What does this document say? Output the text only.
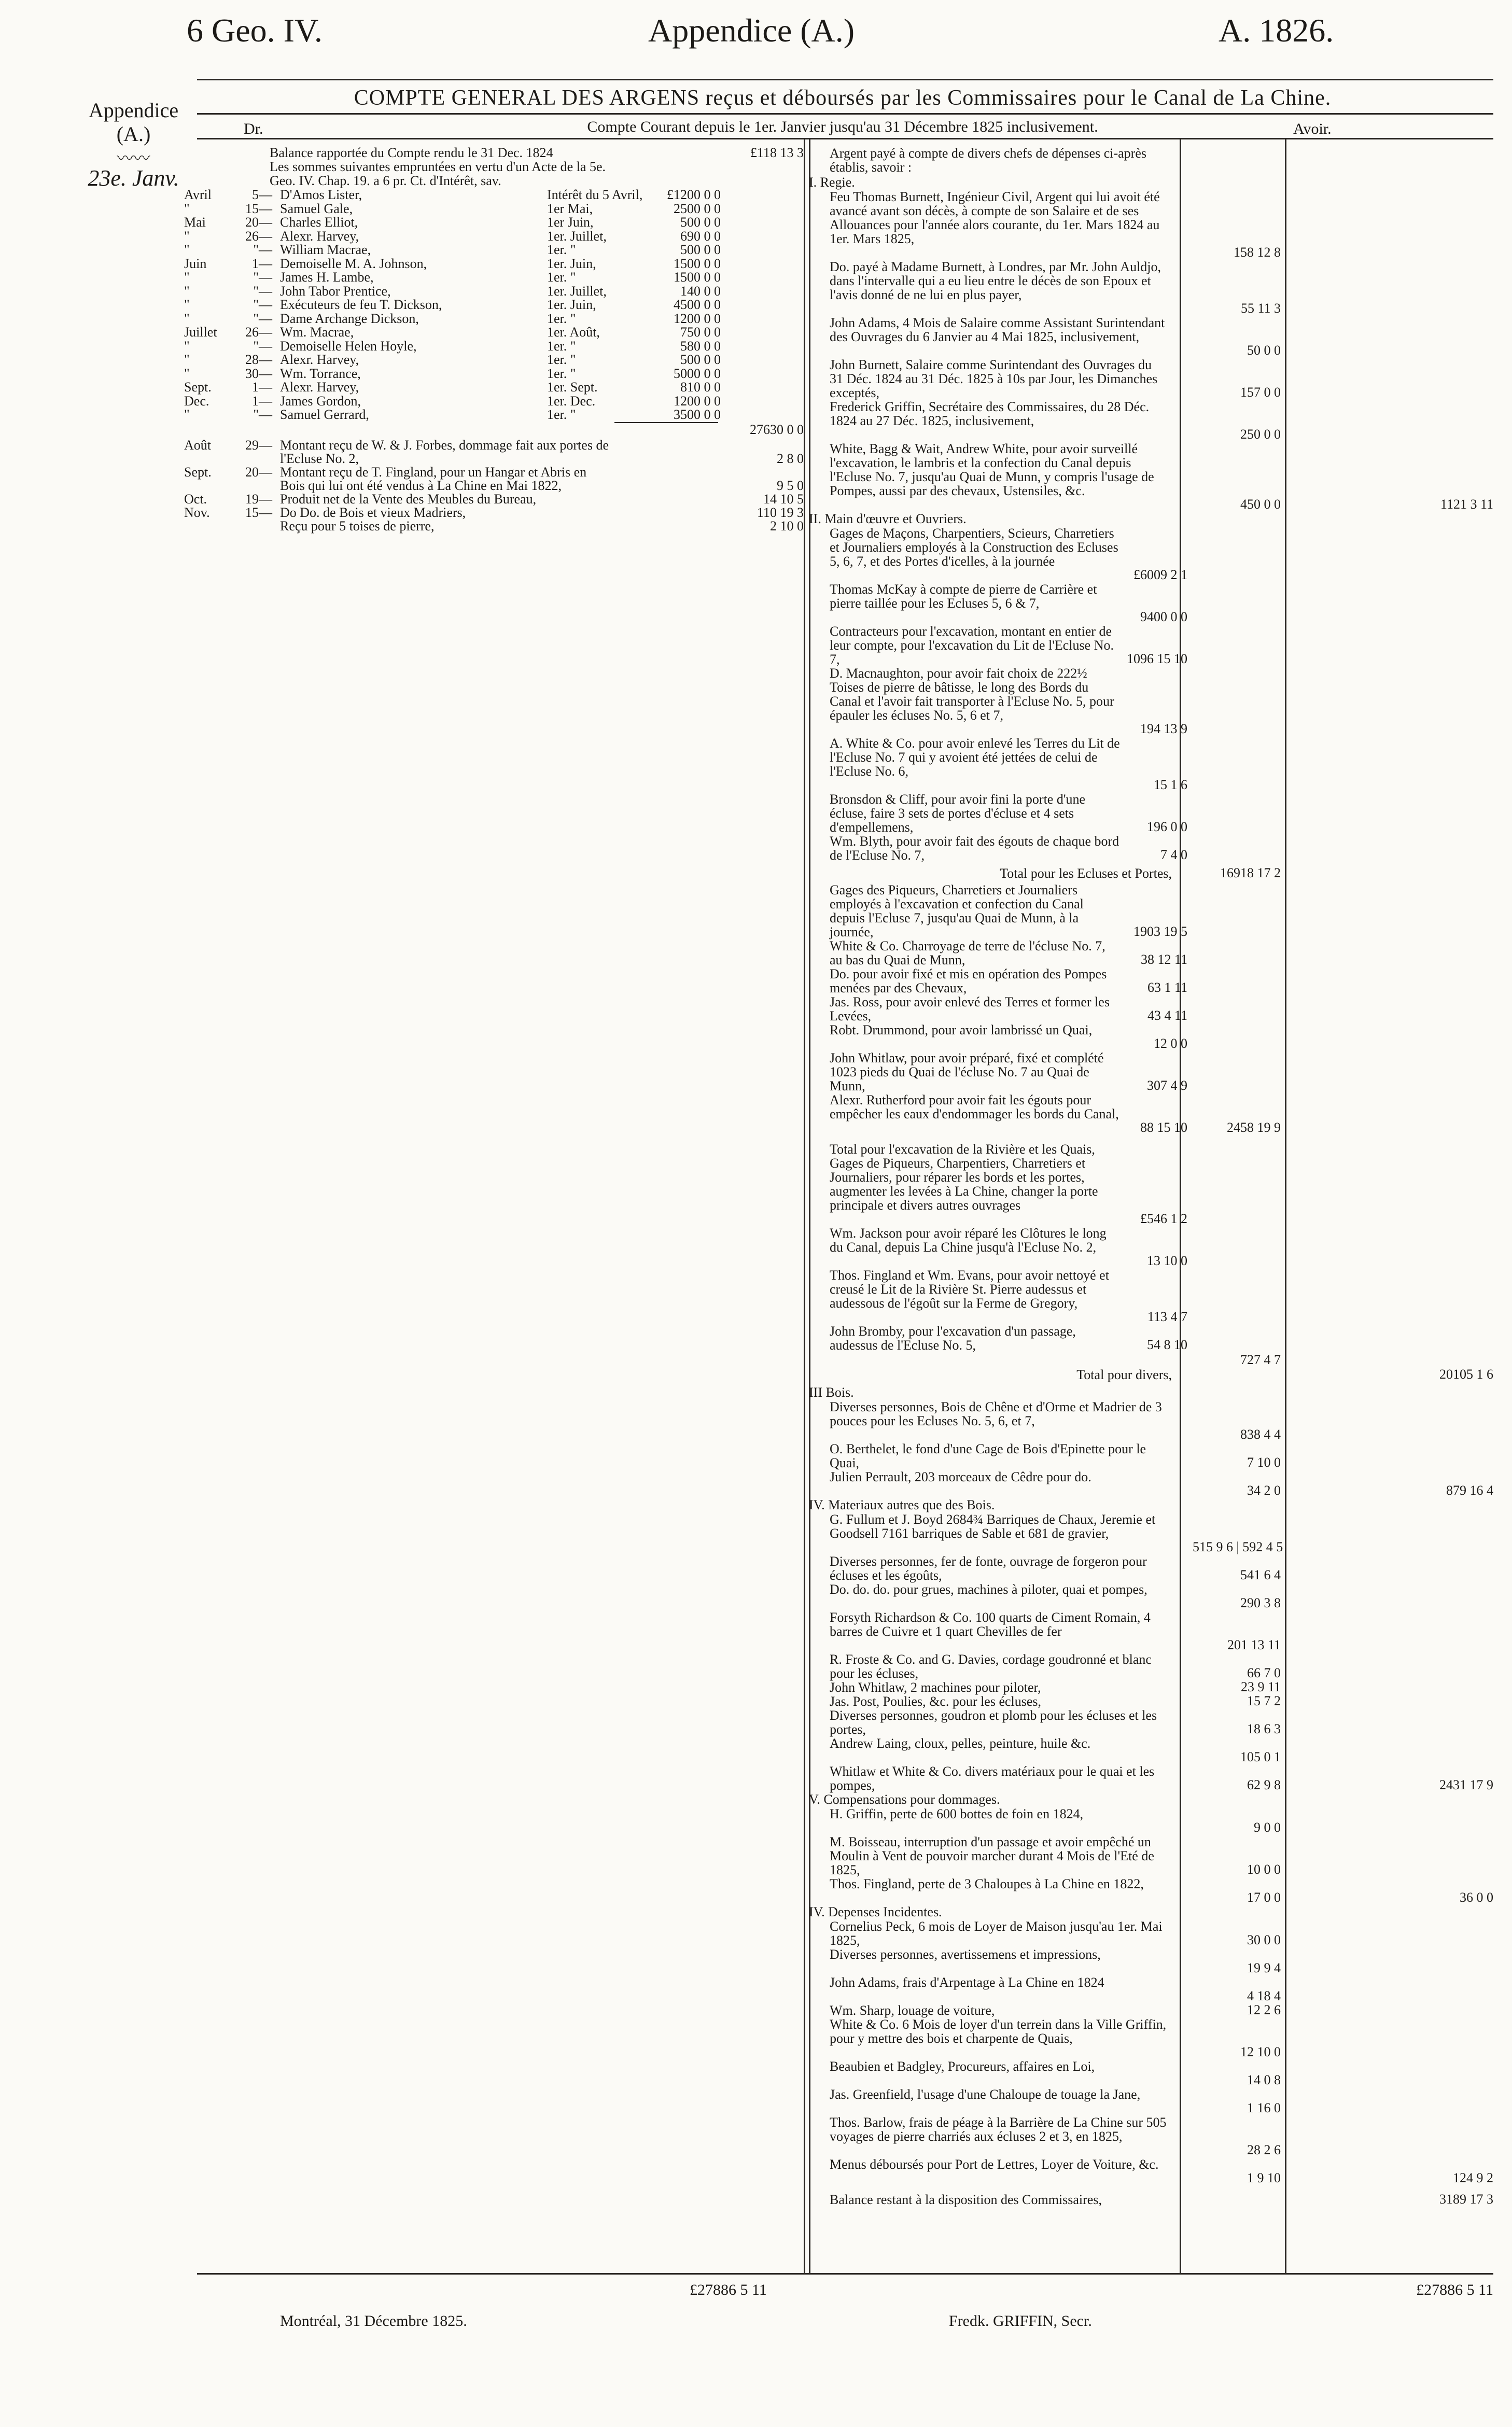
6 Geo. IV.	Appendice (A.)	A. 1826.
Appendice
(A.)
〰〰
23e. Janv.
COMPTE GENERAL DES ARGENS reçus et déboursés par les Commissaires pour le Canal de La Chine.
Dr.	Compte Courant depuis le 1er. Janvier jusqu'au 31 Décembre 1825 inclusivement.	Avoir.
Balance rapportée du Compte rendu le 31 Dec. 1824	£118 13 3
Les sommes suivantes empruntées en vertu d'un Acte de la 5e.
Geo. IV. Chap. 19. a 6 pr. Ct. d'Intérêt, sav.
Avril	5— D'Amos Lister,	Intérêt du 5 Avril,	£1200 0 0
"	15— Samuel Gale,	1er Mai,	2500 0 0
Mai	20— Charles Elliot,	1er Juin,	500 0 0
"	26— Alexr. Harvey,	1er. Juillet,	690 0 0
"	"— William Macrae,	1er. "	500 0 0
Juin	1— Demoiselle M. A. Johnson,	1er. Juin,	1500 0 0
"	"— James H. Lambe,	1er. "	1500 0 0
"	"— John Tabor Prentice,	1er. Juillet,	140 0 0
"	"— Exécuteurs de feu T. Dickson,	1er. Juin,	4500 0 0
"	"— Dame Archange Dickson,	1er. "	1200 0 0
Juillet	26— Wm. Macrae,	1er. Août,	750 0 0
"	"— Demoiselle Helen Hoyle,	1er. "	580 0 0
"	28— Alexr. Harvey,	1er. "	500 0 0
"	30— Wm. Torrance,	1er. "	5000 0 0
Sept.	1— Alexr. Harvey,	1er. Sept.	810 0 0
Dec.	1— James Gordon,	1er. Dec.	1200 0 0
"	"— Samuel Gerrard,	1er. "	3500 0 0
27630 0 0
Août	29— Montant reçu de W. & J. Forbes, dommage fait aux portes de
l'Ecluse No. 2,	2 8 0
Sept.	20— Montant reçu de T. Fingland, pour un Hangar et Abris en
Bois qui lui ont été vendus à La Chine en Mai 1822,	9 5 0
Oct.	19— Produit net de la Vente des Meubles du Bureau,	14 10 5
Nov.	15— Do Do. de Bois et vieux Madriers,	110 19 3
Reçu pour 5 toises de pierre,	2 10 0
Argent payé à compte de divers chefs de dépenses ci-après établis, savoir :
I. Regie.
Feu Thomas Burnett, Ingénieur Civil, Argent qui lui avoit été avancé avant son décès, à compte de son Salaire et de ses Allouances pour l'année alors courante, du 1er. Mars 1824 au 1er. Mars 1825,
158 12 8
Do. payé à Madame Burnett, à Londres, par Mr. John Auldjo, dans l'intervalle qui a eu lieu entre le décès de son Epoux et l'avis donné de ne lui en plus payer,
55 11 3
John Adams, 4 Mois de Salaire comme Assistant Surintendant des Ouvrages du 6 Janvier au 4 Mai 1825, inclusivement,
50 0 0
John Burnett, Salaire comme Surintendant des Ouvrages du 31 Déc. 1824 au 31 Déc. 1825 à 10s par Jour, les Dimanches exceptés,	157 0 0
Frederick Griffin, Secrétaire des Commissaires, du 28 Déc. 1824 au 27 Déc. 1825, inclusivement,
250 0 0
White, Bagg & Wait, Andrew White, pour avoir surveillé l'excavation, le lambris et la confection du Canal depuis l'Ecluse No. 7, jusqu'au Quai de Munn, y compris l'usage de Pompes, aussi par des chevaux, Ustensiles, &c.
450 0 0	1121 3 11
II. Main d'œuvre et Ouvriers.
Gages de Maçons, Charpentiers, Scieurs, Charretiers et Journaliers employés à la Construction des Ecluses 5, 6, 7, et des Portes d'icelles, à la journée
£6009 2 1
Thomas McKay à compte de pierre de Carrière et pierre taillée pour les Ecluses 5, 6 & 7,
9400 0 0
Contracteurs pour l'excavation, montant en entier de leur compte, pour l'excavation du Lit de l'Ecluse No. 7,	1096 15 10
D. Macnaughton, pour avoir fait choix de 222½ Toises de pierre de bâtisse, le long des Bords du Canal et l'avoir fait transporter à l'Ecluse No. 5, pour épauler les écluses No. 5, 6 et 7,
194 13 9
A. White & Co. pour avoir enlevé les Terres du Lit de l'Ecluse No. 7 qui y avoient été jettées de celui de l'Ecluse No. 6,
15 1 6
Bronsdon & Cliff, pour avoir fini la porte d'une écluse, faire 3 sets de portes d'écluse et 4 sets d'empellemens,	196 0 0
Wm. Blyth, pour avoir fait des égouts de chaque bord de l'Ecluse No. 7,	7 4 0
Total pour les Ecluses et Portes,	16918 17 2
Gages des Piqueurs, Charretiers et Journaliers employés à l'excavation et confection du Canal depuis l'Ecluse 7, jusqu'au Quai de Munn, à la journée,	1903 19 5
White & Co. Charroyage de terre de l'écluse No. 7, au bas du Quai de Munn,	38 12 11
Do. pour avoir fixé et mis en opération des Pompes menées par des Chevaux,	63 1 11
Jas. Ross, pour avoir enlevé des Terres et former les Levées,	43 4 11
Robt. Drummond, pour avoir lambrissé un Quai,
12 0 0
John Whitlaw, pour avoir préparé, fixé et complété 1023 pieds du Quai de l'écluse No. 7 au Quai de Munn,	307 4 9
Alexr. Rutherford pour avoir fait les égouts pour empêcher les eaux d'endommager les bords du Canal,
88 15 10	2458 19 9
Total pour l'excavation de la Rivière et les Quais, Gages de Piqueurs, Charpentiers, Charretiers et Journaliers, pour réparer les bords et les portes, augmenter les levées à La Chine, changer la porte principale et divers autres ouvrages
£546 1 2
Wm. Jackson pour avoir réparé les Clôtures le long du Canal, depuis La Chine jusqu'à l'Ecluse No. 2,
13 10 0
Thos. Fingland et Wm. Evans, pour avoir nettoyé et creusé le Lit de la Rivière St. Pierre audessus et audessous de l'égoût sur la Ferme de Gregory,
113 4 7
John Bromby, pour l'excavation d'un passage, audessus de l'Ecluse No. 5,	54 8 10
727 4 7
Total pour divers,	20105 1 6
III Bois.
Diverses personnes, Bois de Chêne et d'Orme et Madrier de 3 pouces pour les Ecluses No. 5, 6, et 7,
838 4 4
O. Berthelet, le fond d'une Cage de Bois d'Epinette pour le Quai,	7 10 0
Julien Perrault, 203 morceaux de Cêdre pour do.
34 2 0	879 16 4
IV. Materiaux autres que des Bois.
G. Fullum et J. Boyd 2684¾ Barriques de Chaux, Jeremie et Goodsell 7161 barriques de Sable et 681 de gravier,
515 9 6 | 592 4 5
Diverses personnes, fer de fonte, ouvrage de forgeron pour écluses et les égoûts,	541 6 4
Do. do. do. pour grues, machines à piloter, quai et pompes,
290 3 8
Forsyth Richardson & Co. 100 quarts de Ciment Romain, 4 barres de Cuivre et 1 quart Chevilles de fer
201 13 11
R. Froste & Co. and G. Davies, cordage goudronné et blanc pour les écluses,	66 7 0
John Whitlaw, 2 machines pour piloter,	23 9 11
Jas. Post, Poulies, &c. pour les écluses,	15 7 2
Diverses personnes, goudron et plomb pour les écluses et les portes,	18 6 3
Andrew Laing, cloux, pelles, peinture, huile &c.
105 0 1
Whitlaw et White & Co. divers matériaux pour le quai et les pompes,	62 9 8	2431 17 9
V. Compensations pour dommages.
H. Griffin, perte de 600 bottes de foin en 1824,
9 0 0
M. Boisseau, interruption d'un passage et avoir empêché un Moulin à Vent de pouvoir marcher durant 4 Mois de l'Eté de 1825,	10 0 0
Thos. Fingland, perte de 3 Chaloupes à La Chine en 1822,
17 0 0	36 0 0
IV. Depenses Incidentes.
Cornelius Peck, 6 mois de Loyer de Maison jusqu'au 1er. Mai 1825,	30 0 0
Diverses personnes, avertissemens et impressions,
19 9 4
John Adams, frais d'Arpentage à La Chine en 1824
4 18 4
Wm. Sharp, louage de voiture,	12 2 6
White & Co. 6 Mois de loyer d'un terrein dans la Ville Griffin, pour y mettre des bois et charpente de Quais,
12 10 0
Beaubien et Badgley, Procureurs, affaires en Loi,
14 0 8
Jas. Greenfield, l'usage d'une Chaloupe de touage la Jane,
1 16 0
Thos. Barlow, frais de péage à la Barrière de La Chine sur 505 voyages de pierre charriés aux écluses 2 et 3, en 1825,
28 2 6
Menus déboursés pour Port de Lettres, Loyer de Voiture, &c.
1 9 10	124 9 2
Balance restant à la disposition des Commissaires,	3189 17 3
Montréal, 31 Décembre 1825.
£27886 5 11
Fredk. GRIFFIN, Secr.
£27886 5 11
